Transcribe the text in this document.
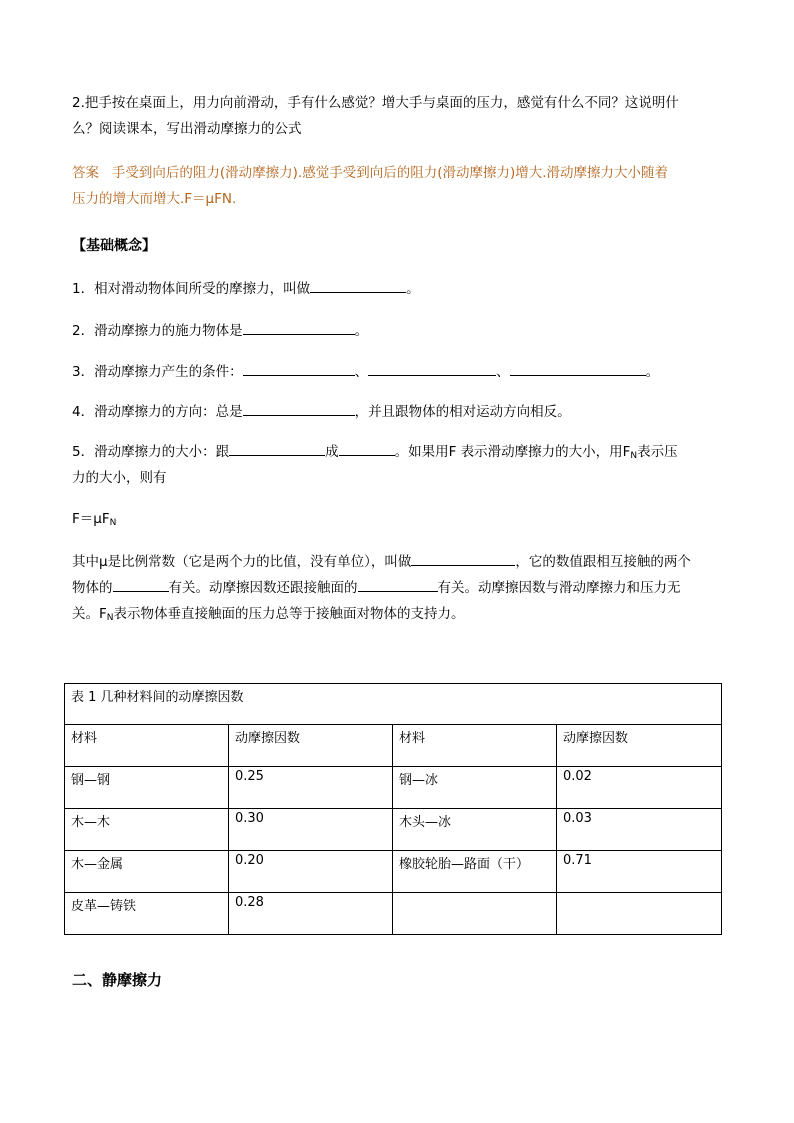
2.把手按在桌面上，用力向前滑动，手有什么感觉？增大手与桌面的压力，感觉有什么不同？这说明什
么？阅读课本，写出滑动摩擦力的公式
答案 手受到向后的阻力(滑动摩擦力).感觉手受到向后的阻力(滑动摩擦力)增大.滑动摩擦力大小随着
压力的增大而增大.F＝μFN.
【基础概念】
1．相对滑动物体间所受的摩擦力，叫做	。
2．滑动摩擦力的施力物体是	。
3．滑动摩擦力产生的条件：	、	、	。
4．滑动摩擦力的方向：总是	，并且跟物体的相对运动方向相反。
5．滑动摩擦力的大小：跟	成	。如果用F 表示滑动摩擦力的大小，用$F_N$表示压
力的大小，则有
$F=\mu F_N$
其中μ是比例常数（它是两个力的比值，没有单位），叫做	，它的数值跟相互接触的两个
物体的	有关。动摩擦因数还跟接触面的	有关。动摩擦因数与滑动摩擦力和压力无
关。$F_N$表示物体垂直接触面的压力总等于接触面对物体的支持力。
表 1 几种材料间的动摩擦因数			
材料	动摩擦因数	材料	动摩擦因数
钢—钢	0.25	钢—冰	0.02
木—木	0.30	木头—冰	0.03
木—金属	0.20	橡胶轮胎—路面（干）	0.71
皮革—铸铁	0.28		
二、静摩擦力
